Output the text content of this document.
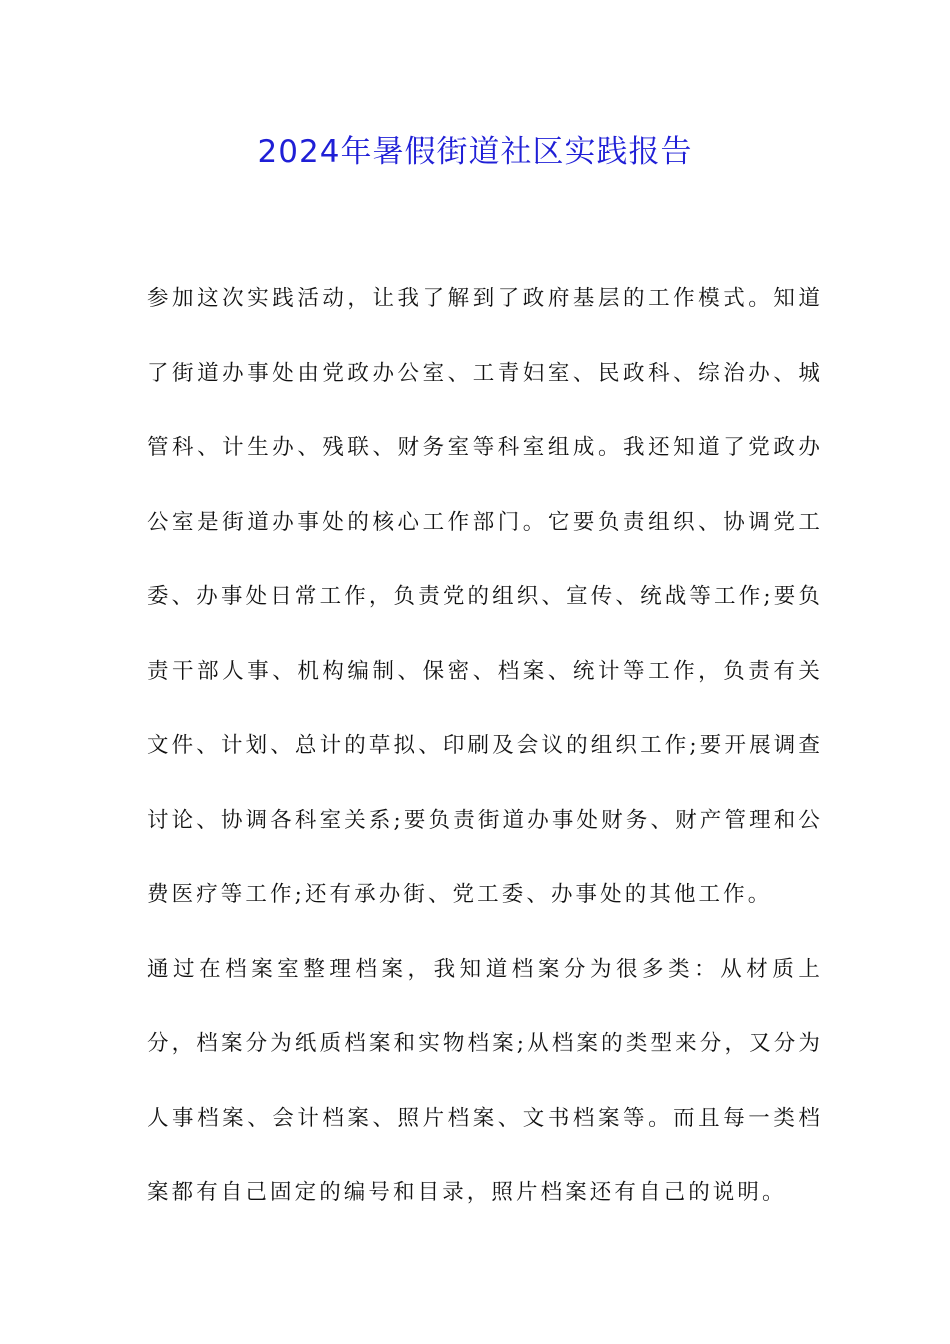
2024年暑假街道社区实践报告

参加这次实践活动，让我了解到了政府基层的工作模式。知道了街道办事处由党政办公室、工青妇室、民政科、综治办、城管科、计生办、残联、财务室等科室组成。我还知道了党政办公室是街道办事处的核心工作部门。它要负责组织、协调党工委、办事处日常工作，负责党的组织、宣传、统战等工作;要负责干部人事、机构编制、保密、档案、统计等工作，负责有关文件、计划、总计的草拟、印刷及会议的组织工作;要开展调查讨论、协调各科室关系;要负责街道办事处财务、财产管理和公费医疗等工作;还有承办街、党工委、办事处的其他工作。

通过在档案室整理档案，我知道档案分为很多类：从材质上分，档案分为纸质档案和实物档案;从档案的类型来分，又分为人事档案、会计档案、照片档案、文书档案等。而且每一类档案都有自己固定的编号和目录，照片档案还有自己的说明。
